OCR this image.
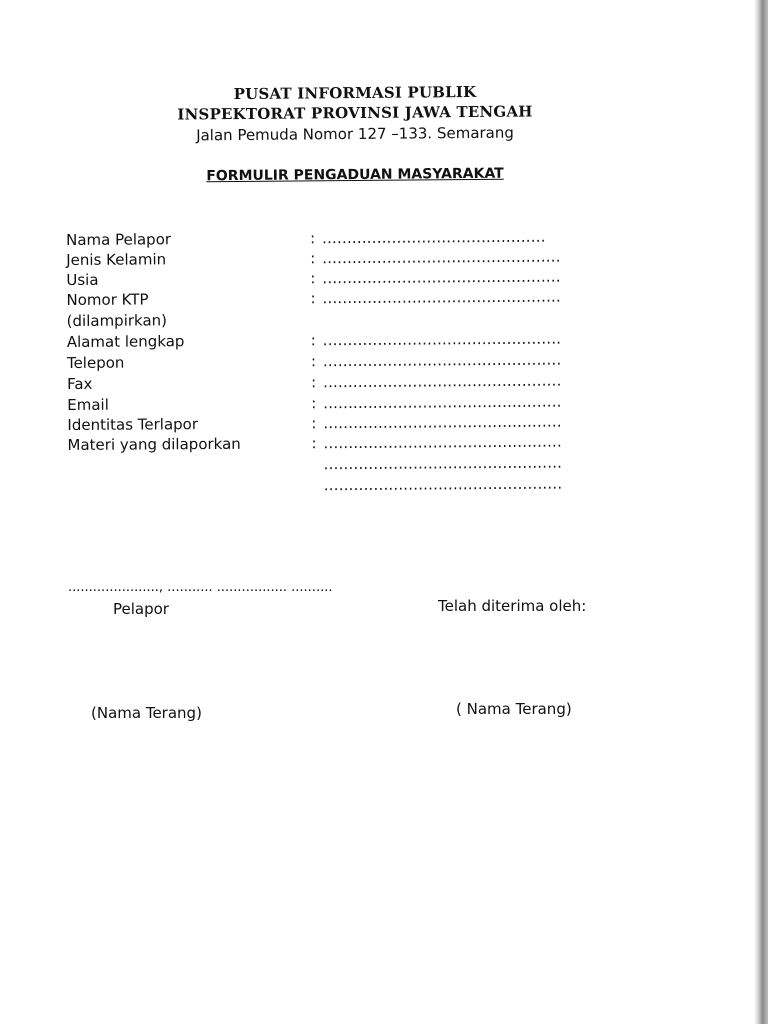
PUSAT INFORMASI PUBLIK
INSPEKTORAT PROVINSI JAWA TENGAH
Jalan Pemuda Nomor 127 –133. Semarang
FORMULIR PENGADUAN MASYARAKAT
Nama Pelapor	: .............................................
Jenis Kelamin	: ................................................
Usia	: ................................................
Nomor KTP	: ................................................
(dilampirkan)
Alamat lengkap	: ................................................
Telepon	: ................................................
Fax	: ................................................
Email	: ................................................
Identitas Terlapor	: ................................................
Materi yang dilaporkan	: ................................................
................................................
................................................
......................, ........... ................. ..........
Pelapor	Telah diterima oleh:
(Nama Terang)	( Nama Terang)
